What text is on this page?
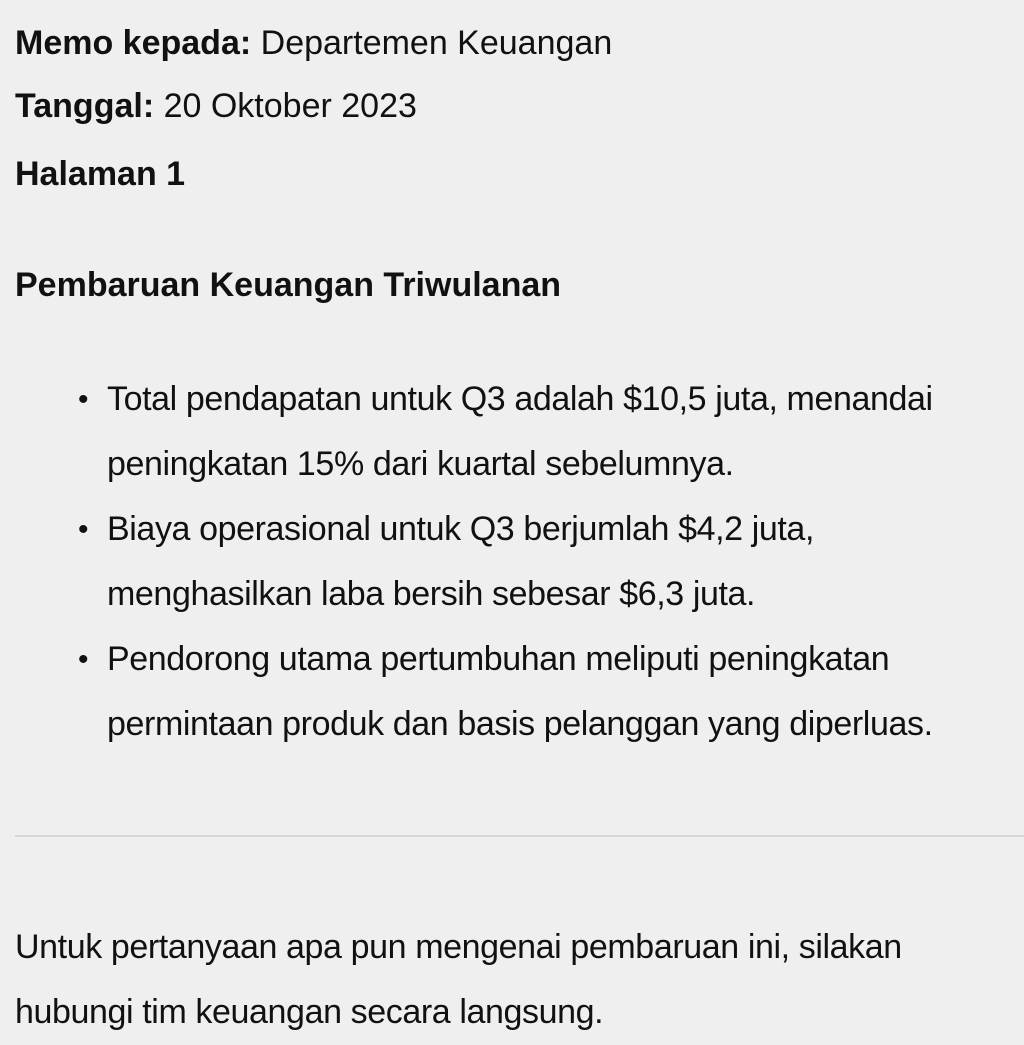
Memo kepada: Departemen Keuangan

Tanggal: 20 Oktober 2023

Halaman 1

Pembaruan Keuangan Triwulanan
• Total pendapatan untuk Q3 adalah $10,5 juta, menandai peningkatan 15% dari kuartal sebelumnya.
• Biaya operasional untuk Q3 berjumlah $4,2 juta, menghasilkan laba bersih sebesar $6,3 juta.
• Pendorong utama pertumbuhan meliputi peningkatan permintaan produk dan basis pelanggan yang diperluas.

Untuk pertanyaan apa pun mengenai pembaruan ini, silakan hubungi tim keuangan secara langsung.
